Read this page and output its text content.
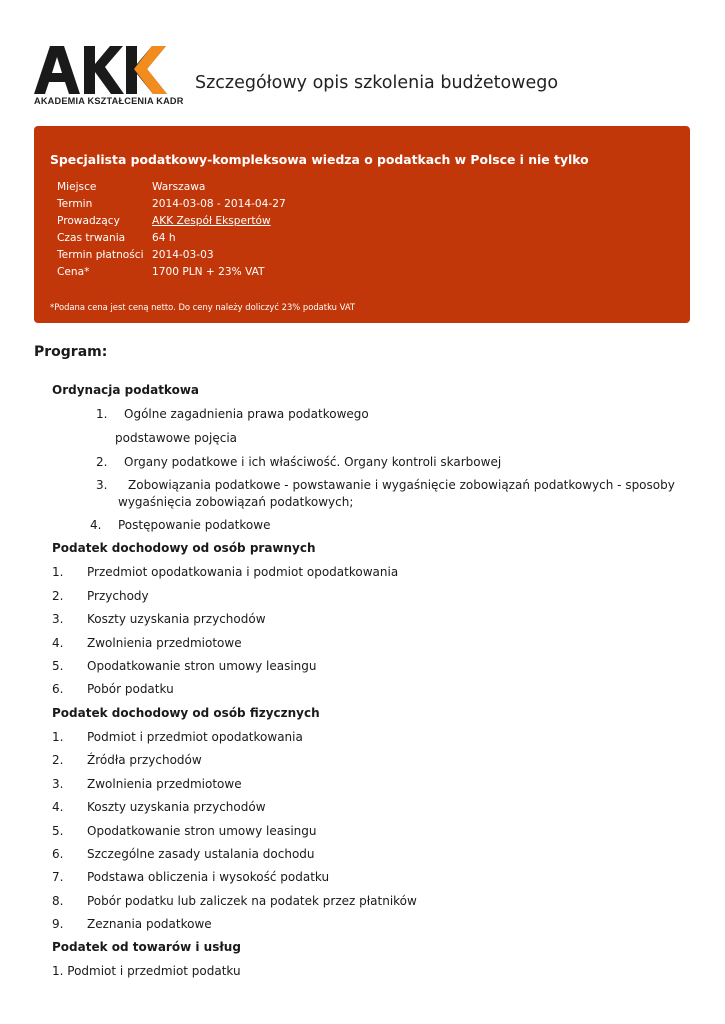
AKADEMIA KSZTAŁCENIA KADR
Szczegółowy opis szkolenia budżetowego
Specjalista podatkowy-kompleksowa wiedza o podatkach w Polsce i nie tylko
Miejsce	Warszawa
Termin	2014-03-08 - 2014-04-27
Prowadzący	AKK Zespół Ekspertów
Czas trwania	64 h
Termin płatności 2014-03-03
Cena*	1700 PLN + 23% VAT
*Podana cena jest ceną netto. Do ceny należy doliczyć 23% podatku VAT
Program:
Ordynacja podatkowa
1. Ogólne zagadnienia prawa podatkowego
podstawowe pojęcia
2. Organy podatkowe i ich właściwość. Organy kontroli skarbowej
3. Zobowiązania podatkowe - powstawanie i wygaśnięcie zobowiązań podatkowych - sposoby
wygaśnięcia zobowiązań podatkowych;
4. Postępowanie podatkowe
Podatek dochodowy od osób prawnych
1. Przedmiot opodatkowania i podmiot opodatkowania
2. Przychody
3. Koszty uzyskania przychodów
4. Zwolnienia przedmiotowe
5. Opodatkowanie stron umowy leasingu
6. Pobór podatku
Podatek dochodowy od osób fizycznych
1. Podmiot i przedmiot opodatkowania
2. Źródła przychodów
3. Zwolnienia przedmiotowe
4. Koszty uzyskania przychodów
5. Opodatkowanie stron umowy leasingu
6. Szczególne zasady ustalania dochodu
7. Podstawa obliczenia i wysokość podatku
8. Pobór podatku lub zaliczek na podatek przez płatników
9. Zeznania podatkowe
Podatek od towarów i usług
1. Podmiot i przedmiot podatku
